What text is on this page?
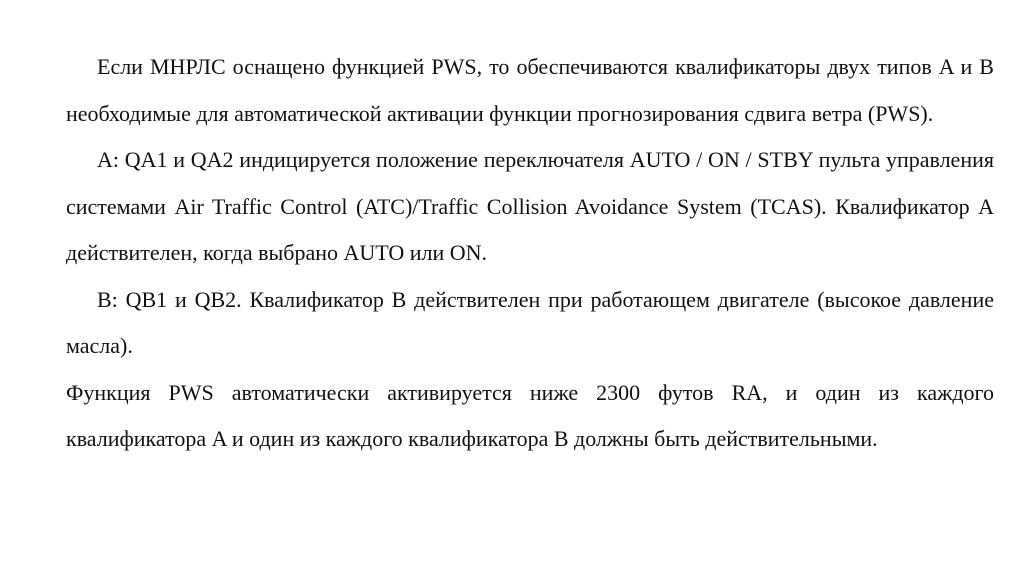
Если МНРЛС оснащено функцией PWS, то обеспечиваются квалификаторы двух типов A и B необходимые для автоматической активации функции прогнозирования сдвига ветра (PWS).

A: QA1 и QA2 индицируется положение переключателя AUTO / ON / STBY пульта управления системами Air Traffic Control (ATC)/Traffic Collision Avoidance System (TCAS). Квалификатор A действителен, когда выбрано AUTO или ON.

B: QB1 и QB2. Квалификатор B действителен при работающем двигателе (высокое давление масла).

Функция PWS автоматически активируется ниже 2300 футов RA, и один из каждого квалификатора A и один из каждого квалификатора B должны быть действительными.
